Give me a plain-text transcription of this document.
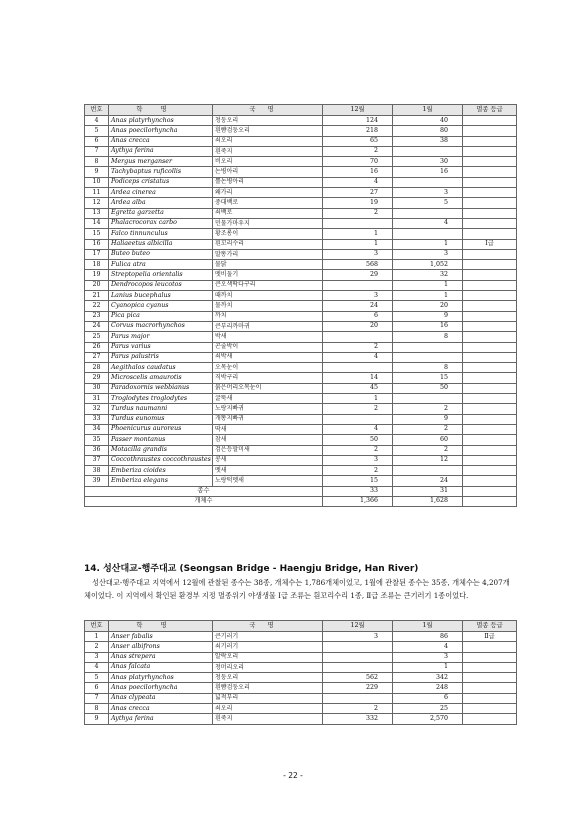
번호	학명	국명	12월	1월	멸종 등급
4	Anas platyrhynchos	청둥오리	124	40	
5	Anas poecilorhyncha	흰뺨검둥오리	218	80	
6	Anas crecca	쇠오리	65	38	
7	Aythya ferina	흰죽지	2		
8	Mergus merganser	비오리	70	30	
9	Tachybaptus ruficollis	논병아리	16	16	
10	Podiceps cristatus	뿔논병아리	4		
11	Ardea cinerea	왜가리	27	3	
12	Ardea alba	중대백로	19	5	
13	Egretta garzetta	쇠백로	2		
14	Phalacrocorax carbo	민물가마우지		4	
15	Falco tinnunculus	황조롱이	1		
16	Haliaeetus albicilla	흰꼬리수리	1	1	Ⅰ급
17	Buteo buteo	말똥가리	3	3	
18	Fulica atra	물닭	568	1,052	
19	Streptopelia orientalis	멧비둘기	29	32	
20	Dendrocopos leucotos	큰오색딱다구리		1	
21	Lanius bucephalus	때까치	3	1	
22	Cyanopica cyanus	물까치	24	20	
23	Pica pica	까치	6	9	
24	Corvus macrorhynchos	큰부리까마귀	20	16	
25	Parus major	박새		8	
26	Parus varius	곤줄박이	2		
27	Parus palustris	쇠박새	4		
28	Aegithalos caudatus	오목눈이		8	
29	Microscelis amaurotis	직박구리	14	15	
30	Paradoxornis webbianus	붉은머리오목눈이	45	50	
31	Troglodytes troglodytes	굴뚝새	1		
32	Turdus naumanni	노랑지빠귀	2	2	
33	Turdus eunomus	개똥지빠귀		9	
34	Phoenicurus auroreus	딱새	4	2	
35	Passer montanus	참새	50	60	
36	Motacilla grandis	검은등할미새	2	2	
37	Coccothraustes coccothraustes	콩새	3	12	
38	Emberiza cioides	멧새	2		
39	Emberiza elegans	노랑턱멧새	15	24	
종수			33	31	
개체수			1,366	1,628	
14. 성산대교-행주대교 (Seongsan Bridge - Haengju Bridge, Han River)
성산대교-행주대교 지역에서 12월에 관찰된 종수는 38종, 개체수는 1,786개체이었고, 1월에 관찰된 종수는 35종, 개체수는 4,207개체이었다. 이 지역에서 확인된 환경부 지정 멸종위기 야생생물 Ⅰ급 조류는 흰꼬리수리 1종, Ⅱ급 조류는 큰기러기 1종이었다.
번호	학명	국명	12월	1월	멸종 등급
1	Anser fabalis	큰기러기	3	86	Ⅱ급
2	Anser albifrons	쇠기러기		4	
3	Anas strepera	알락오리		3	
4	Anas falcata	청머리오리		1	
5	Anas platyrhynchos	청둥오리	562	342	
6	Anas poecilorhyncha	흰뺨검둥오리	229	248	
7	Anas clypeata	넓적부리		6	
8	Anas crecca	쇠오리	2	25	
9	Aythya ferina	흰죽지	332	2,570	
- 22 -
